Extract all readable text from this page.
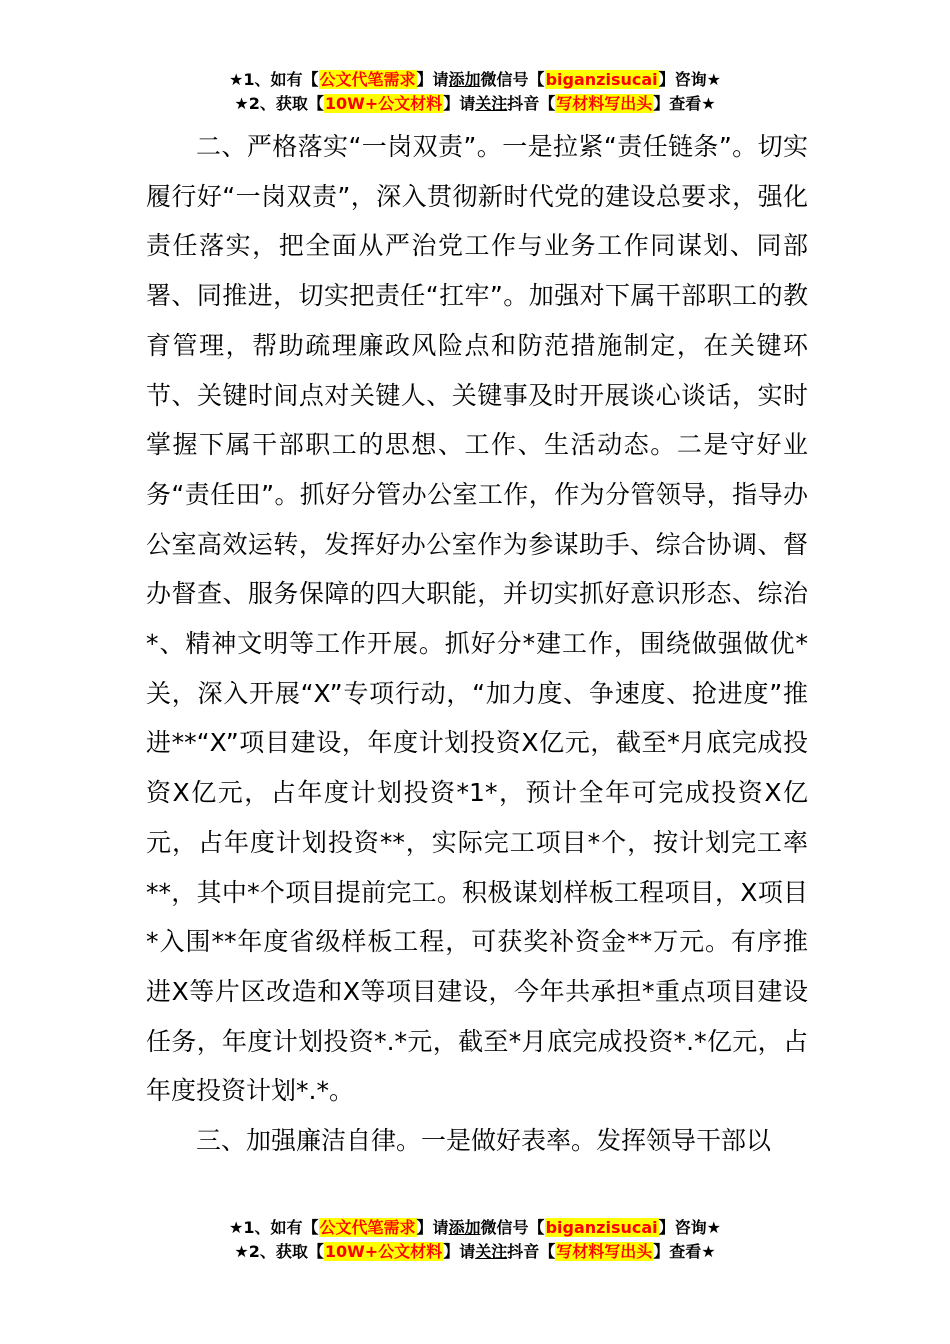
★1、如有【公文代笔需求】请添加微信号【biganzisucai】咨询★
★2、获取【10W+公文材料】请关注抖音【写材料写出头】查看★

二、严格落实“一岗双责”。一是拉紧“责任链条”。切实履行好“一岗双责”，深入贯彻新时代党的建设总要求，强化责任落实，把全面从严治党工作与业务工作同谋划、同部署、同推进，切实把责任“扛牢”。加强对下属干部职工的教育管理，帮助疏理廉政风险点和防范措施制定，在关键环节、关键时间点对关键人、关键事及时开展谈心谈话，实时掌握下属干部职工的思想、工作、生活动态。二是守好业务“责任田”。抓好分管办公室工作，作为分管领导，指导办公室高效运转，发挥好办公室作为参谋助手、综合协调、督办督查、服务保障的四大职能，并切实抓好意识形态、综治*、精神文明等工作开展。抓好分*建工作，围绕做强做优*关，深入开展“X”专项行动，“加力度、争速度、抢进度”推进**“X”项目建设，年度计划投资X亿元，截至*月底完成投资X亿元，占年度计划投资*1*，预计全年可完成投资X亿元，占年度计划投资**，实际完工项目*个，按计划完工率**，其中*个项目提前完工。积极谋划样板工程项目，X项目*入围**年度省级样板工程，可获奖补资金**万元。有序推进X等片区改造和X等项目建设，今年共承担*重点项目建设任务，年度计划投资*.*元，截至*月底完成投资*.*亿元，占年度投资计划*.*。

三、加强廉洁自律。一是做好表率。发挥领导干部以

★1、如有【公文代笔需求】请添加微信号【biganzisucai】咨询★
★2、获取【10W+公文材料】请关注抖音【写材料写出头】查看★
